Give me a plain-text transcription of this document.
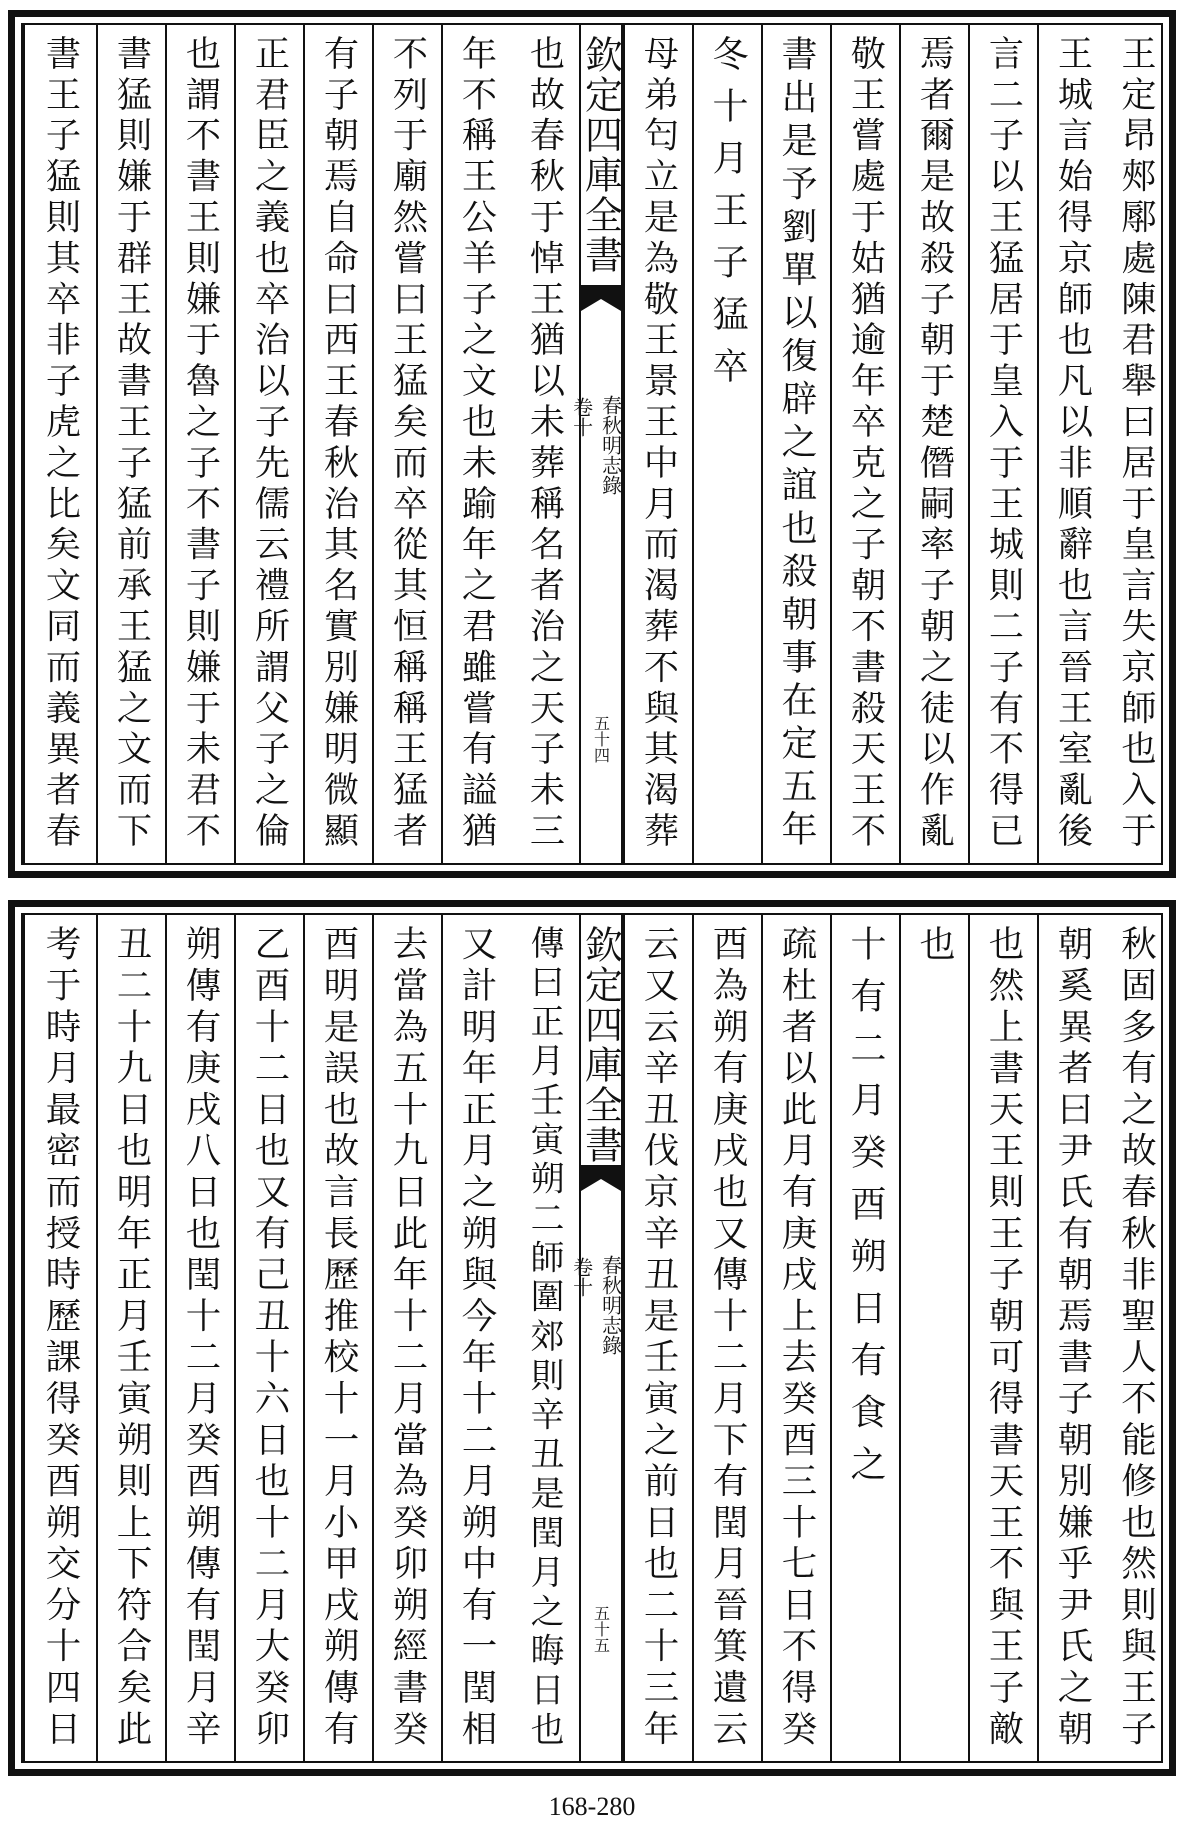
王定昂郟鄏處陳君舉曰居于皇言失京師也入于
王城言始得京師也凡以非順辭也言晉王室亂後
言二子以王猛居于皇入于王城則二子有不得已
焉者爾是故殺子朝于楚僭嗣率子朝之徒以作亂
敬王嘗處于姑猶逾年卒克之子朝不書殺天王不
書出是予劉單以復辟之誼也殺朝事在定五年
冬十月王子猛卒
母弟匄立是為敬王景王中月而渴葬不與其渴葬
欽定四庫全書
春秋明志錄
卷十
五十四
也故春秋于悼王猶以未葬稱名者治之天子未三
年不稱王公羊子之文也未踰年之君雖嘗有謚猶
不列于廟然嘗曰王猛矣而卒從其恒稱稱王猛者
有子朝焉自命曰西王春秋治其名實別嫌明微顯
正君臣之義也卒治以子先儒云禮所謂父子之倫
也謂不書王則嫌于魯之子不書子則嫌于未君不
書猛則嫌于群王故書王子猛前承王猛之文而下
書王子猛則其卒非子虎之比矣文同而義異者春
秋固多有之故春秋非聖人不能修也然則與王子
朝奚異者曰尹氏有朝焉書子朝別嫌乎尹氏之朝
也然上書天王則王子朝可得書天王不與王子敵
也
十有二月癸酉朔日有食之
疏杜者以此月有庚戌上去癸酉三十七日不得癸
酉為朔有庚戌也又傳十二月下有閏月晉箕遺云
云又云辛丑伐京辛丑是壬寅之前日也二十三年
欽定四庫全書
春秋明志錄
卷十
五十五
傳曰正月壬寅朔二師圍郊則辛丑是閏月之晦日也
又計明年正月之朔與今年十二月朔中有一閏相
去當為五十九日此年十二月當為癸卯朔經書癸
酉明是誤也故言長歷推校十一月小甲戌朔傳有
乙酉十二日也又有己丑十六日也十二月大癸卯
朔傳有庚戌八日也閏十二月癸酉朔傳有閏月辛
丑二十九日也明年正月壬寅朔則上下符合矣此
考于時月最密而授時歷課得癸酉朔交分十四日
168-280
